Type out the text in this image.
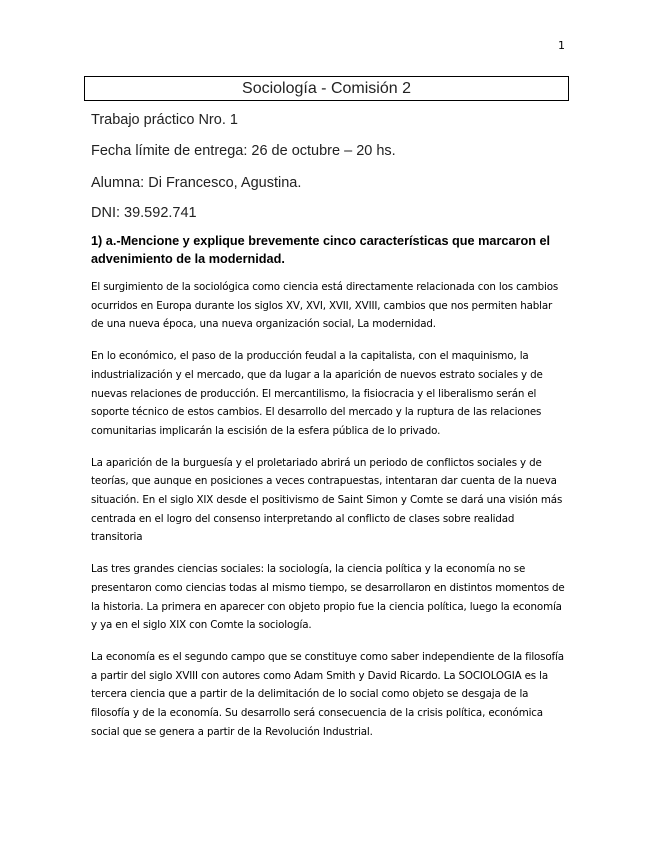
1
Sociología - Comisión 2
Trabajo práctico Nro. 1
Fecha límite de entrega: 26 de octubre – 20 hs.
Alumna: Di Francesco, Agustina.
DNI: 39.592.741
1) a.-Mencione y explique brevemente cinco características que marcaron el advenimiento de la modernidad.

El surgimiento de la sociológica como ciencia está directamente relacionada con los cambios ocurridos en Europa durante los siglos XV, XVI, XVII, XVIII, cambios que nos permiten hablar de una nueva época, una nueva organización social, La modernidad.

En lo económico, el paso de la producción feudal a la capitalista, con el maquinismo, la industrialización y el mercado, que da lugar a la aparición de nuevos estrato sociales y de nuevas relaciones de producción. El mercantilismo, la fisiocracia y el liberalismo serán el soporte técnico de estos cambios. El desarrollo del mercado y la ruptura de las relaciones comunitarias implicarán la escisión de la esfera pública de lo privado.

La aparición de la burguesía y el proletariado abrirá un periodo de conflictos sociales y de teorías, que aunque en posiciones a veces contrapuestas, intentaran dar cuenta de la nueva situación. En el siglo XIX desde el positivismo de Saint Simon y Comte se dará una visión más centrada en el logro del consenso interpretando al conflicto de clases sobre realidad transitoria

Las tres grandes ciencias sociales: la sociología, la ciencia política y la economía no se presentaron como ciencias todas al mismo tiempo, se desarrollaron en distintos momentos de la historia. La primera en aparecer con objeto propio fue la ciencia política, luego la economía y ya en el siglo XIX con Comte la sociología.

La economía es el segundo campo que se constituye como saber independiente de la filosofía a partir del siglo XVIII con autores como Adam Smith y David Ricardo. La SOCIOLOGIA es la tercera ciencia que a partir de la delimitación de lo social como objeto se desgaja de la filosofía y de la economía. Su desarrollo será consecuencia de la crisis política, económica social que se genera a partir de la Revolución Industrial.
